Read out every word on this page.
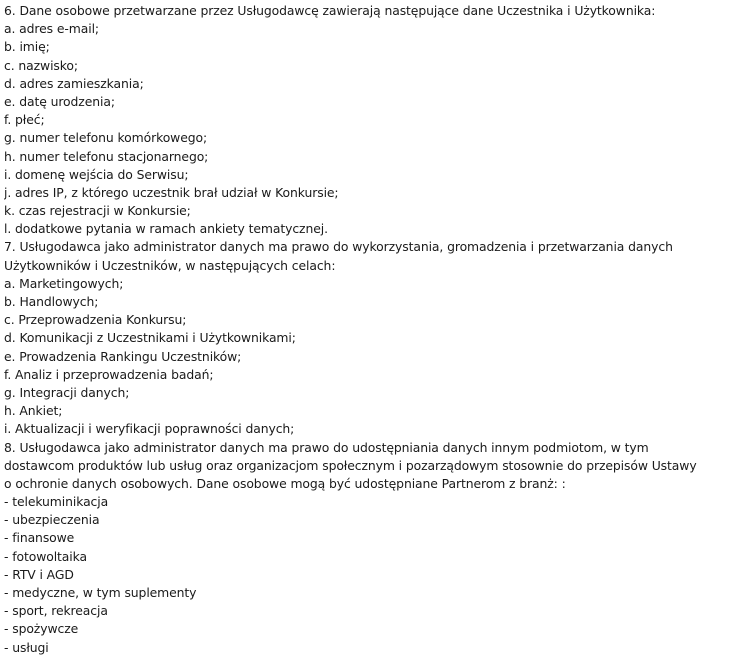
6. Dane osobowe przetwarzane przez Usługodawcę zawierają następujące dane Uczestnika i Użytkownika:
a. adres e-mail;
b. imię;
c. nazwisko;
d. adres zamieszkania;
e. datę urodzenia;
f. płeć;
g. numer telefonu komórkowego;
h. numer telefonu stacjonarnego;
i. domenę wejścia do Serwisu;
j. adres IP, z którego uczestnik brał udział w Konkursie;
k. czas rejestracji w Konkursie;
l. dodatkowe pytania w ramach ankiety tematycznej.
7. Usługodawca jako administrator danych ma prawo do wykorzystania, gromadzenia i przetwarzania danych
Użytkowników i Uczestników, w następujących celach:
a. Marketingowych;
b. Handlowych;
c. Przeprowadzenia Konkursu;
d. Komunikacji z Uczestnikami i Użytkownikami;
e. Prowadzenia Rankingu Uczestników;
f. Analiz i przeprowadzenia badań;
g. Integracji danych;
h. Ankiet;
i. Aktualizacji i weryfikacji poprawności danych;
8. Usługodawca jako administrator danych ma prawo do udostępniania danych innym podmiotom, w tym
dostawcom produktów lub usług oraz organizacjom społecznym i pozarządowym stosownie do przepisów Ustawy
o ochronie danych osobowych. Dane osobowe mogą być udostępniane Partnerom z branż: :
- telekuminikacja
- ubezpieczenia
- finansowe
- fotowoltaika
- RTV i AGD
- medyczne, w tym suplementy
- sport, rekreacja
- spożywcze
- usługi
